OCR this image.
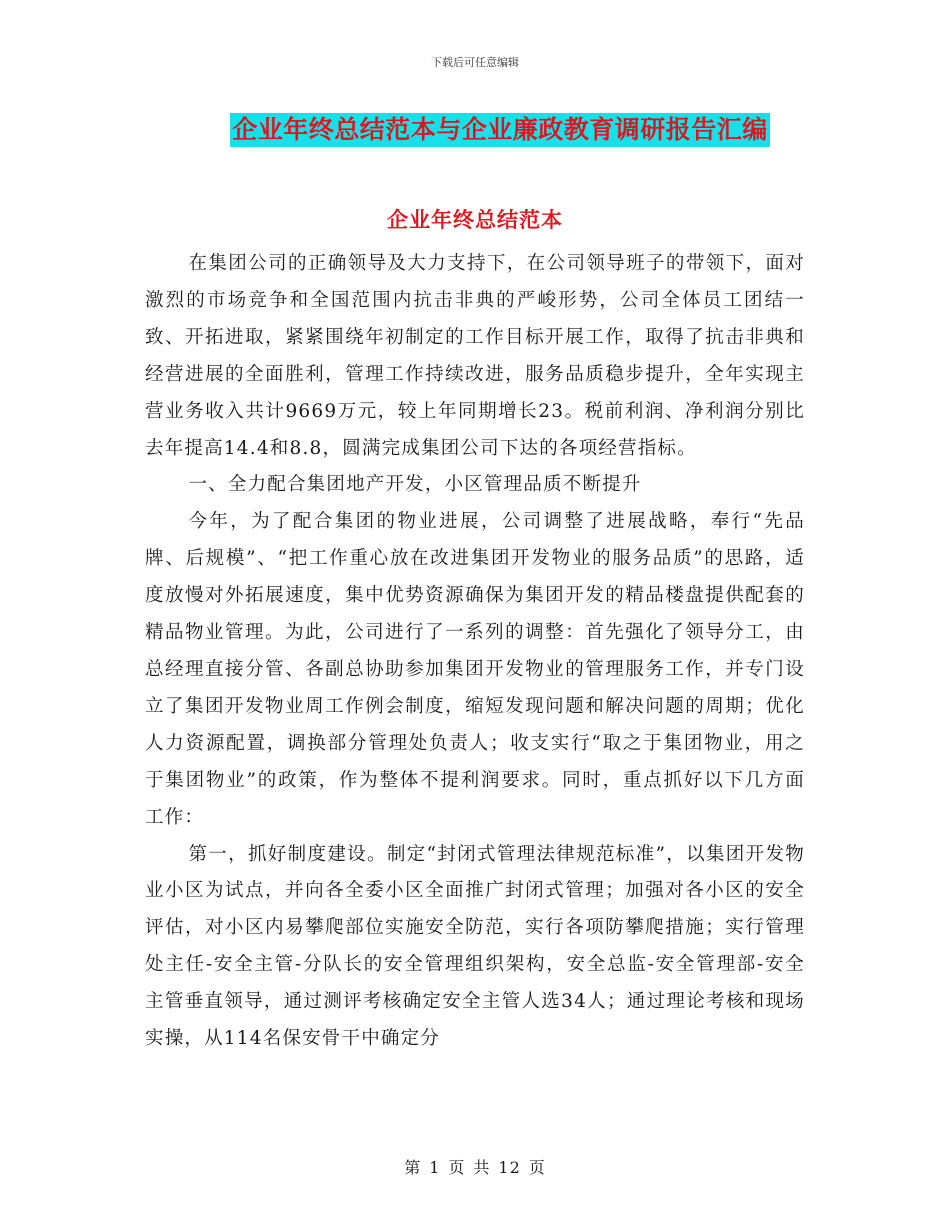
下载后可任意编辑
企业年终总结范本与企业廉政教育调研报告汇编
企业年终总结范本

在集团公司的正确领导及大力支持下，在公司领导班子的带领下，面对激烈的市场竞争和全国范围内抗击非典的严峻形势，公司全体员工团结一致、开拓进取，紧紧围绕年初制定的工作目标开展工作，取得了抗击非典和经营进展的全面胜利，管理工作持续改进，服务品质稳步提升，全年实现主营业务收入共计9669万元，较上年同期增长23。税前利润、净利润分别比去年提高14.4和8.8，圆满完成集团公司下达的各项经营指标。

一、全力配合集团地产开发，小区管理品质不断提升

今年，为了配合集团的物业进展，公司调整了进展战略，奉行“先品牌、后规模”、“把工作重心放在改进集团开发物业的服务品质”的思路，适度放慢对外拓展速度，集中优势资源确保为集团开发的精品楼盘提供配套的精品物业管理。为此，公司进行了一系列的调整：首先强化了领导分工，由总经理直接分管、各副总协助参加集团开发物业的管理服务工作，并专门设立了集团开发物业周工作例会制度，缩短发现问题和解决问题的周期；优化人力资源配置，调换部分管理处负责人；收支实行“取之于集团物业，用之于集团物业”的政策，作为整体不提利润要求。同时，重点抓好以下几方面工作：

第一，抓好制度建设。制定“封闭式管理法律规范标准”，以集团开发物业小区为试点，并向各全委小区全面推广封闭式管理；加强对各小区的安全评估，对小区内易攀爬部位实施安全防范，实行各项防攀爬措施；实行管理处主任-安全主管-分队长的安全管理组织架构，安全总监-安全管理部-安全主管垂直领导，通过测评考核确定安全主管人选34人；通过理论考核和现场实操，从114名保安骨干中确定分

第 1 页 共 12 页
